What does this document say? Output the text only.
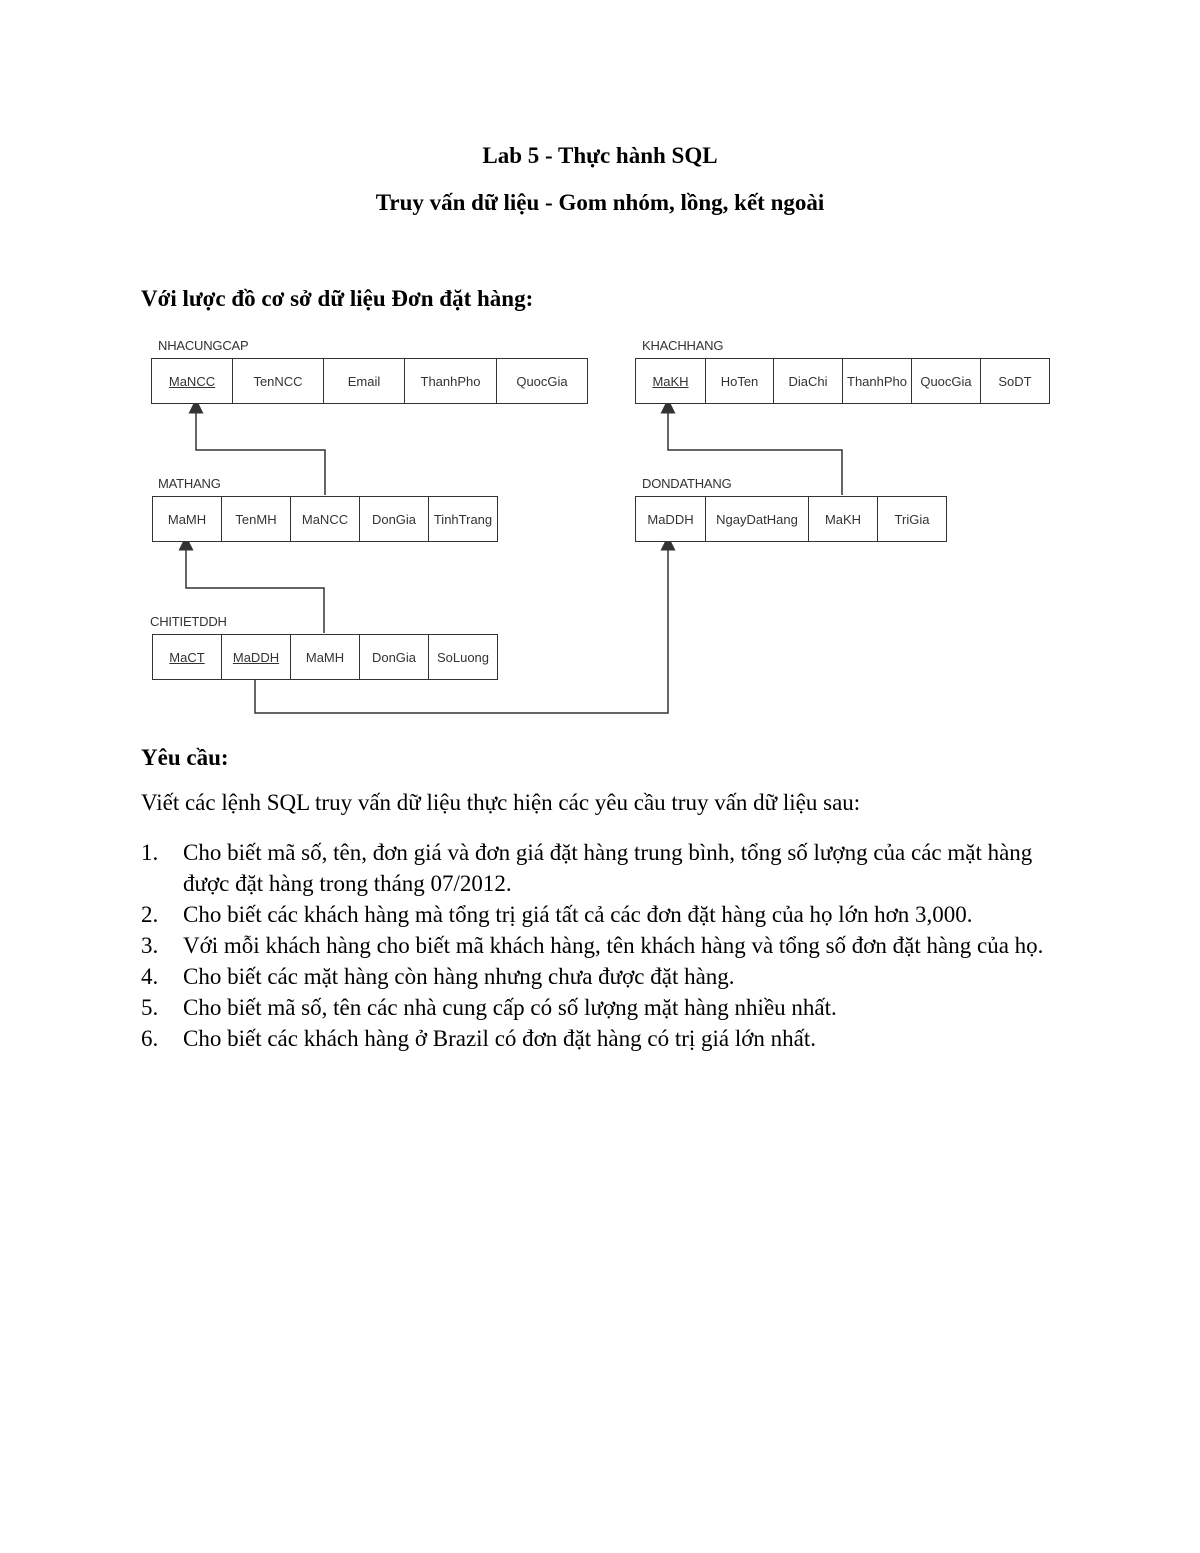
Lab 5 - Thực hành SQL
Truy vấn dữ liệu - Gom nhóm, lồng, kết ngoài
Với lược đồ cơ sở dữ liệu Đơn đặt hàng:
NHACUNGCAP
MaNCC	TenNCC	Email	ThanhPho	QuocGia
KHACHHANG
MaKH HoTen DiaChi ThanhPho QuocGia SoDT
MATHANG
MaMH TenMH MaNCC DonGia TinhTrang
DONDATHANG
MaDDH NgayDatHang MaKH	TriGia
CHITIETDDH
MaCT MaDDH MaMH DonGia SoLuong
Yêu cầu:
Viết các lệnh SQL truy vấn dữ liệu thực hiện các yêu cầu truy vấn dữ liệu sau:
1. Cho biết mã số, tên, đơn giá và đơn giá đặt hàng trung bình, tổng số lượng của các mặt hàng được đặt hàng trong tháng 07/2012.
2. Cho biết các khách hàng mà tổng trị giá tất cả các đơn đặt hàng của họ lớn hơn 3,000.
3. Với mỗi khách hàng cho biết mã khách hàng, tên khách hàng và tổng số đơn đặt hàng của họ.
4. Cho biết các mặt hàng còn hàng nhưng chưa được đặt hàng.
5. Cho biết mã số, tên các nhà cung cấp có số lượng mặt hàng nhiều nhất.
6. Cho biết các khách hàng ở Brazil có đơn đặt hàng có trị giá lớn nhất.
